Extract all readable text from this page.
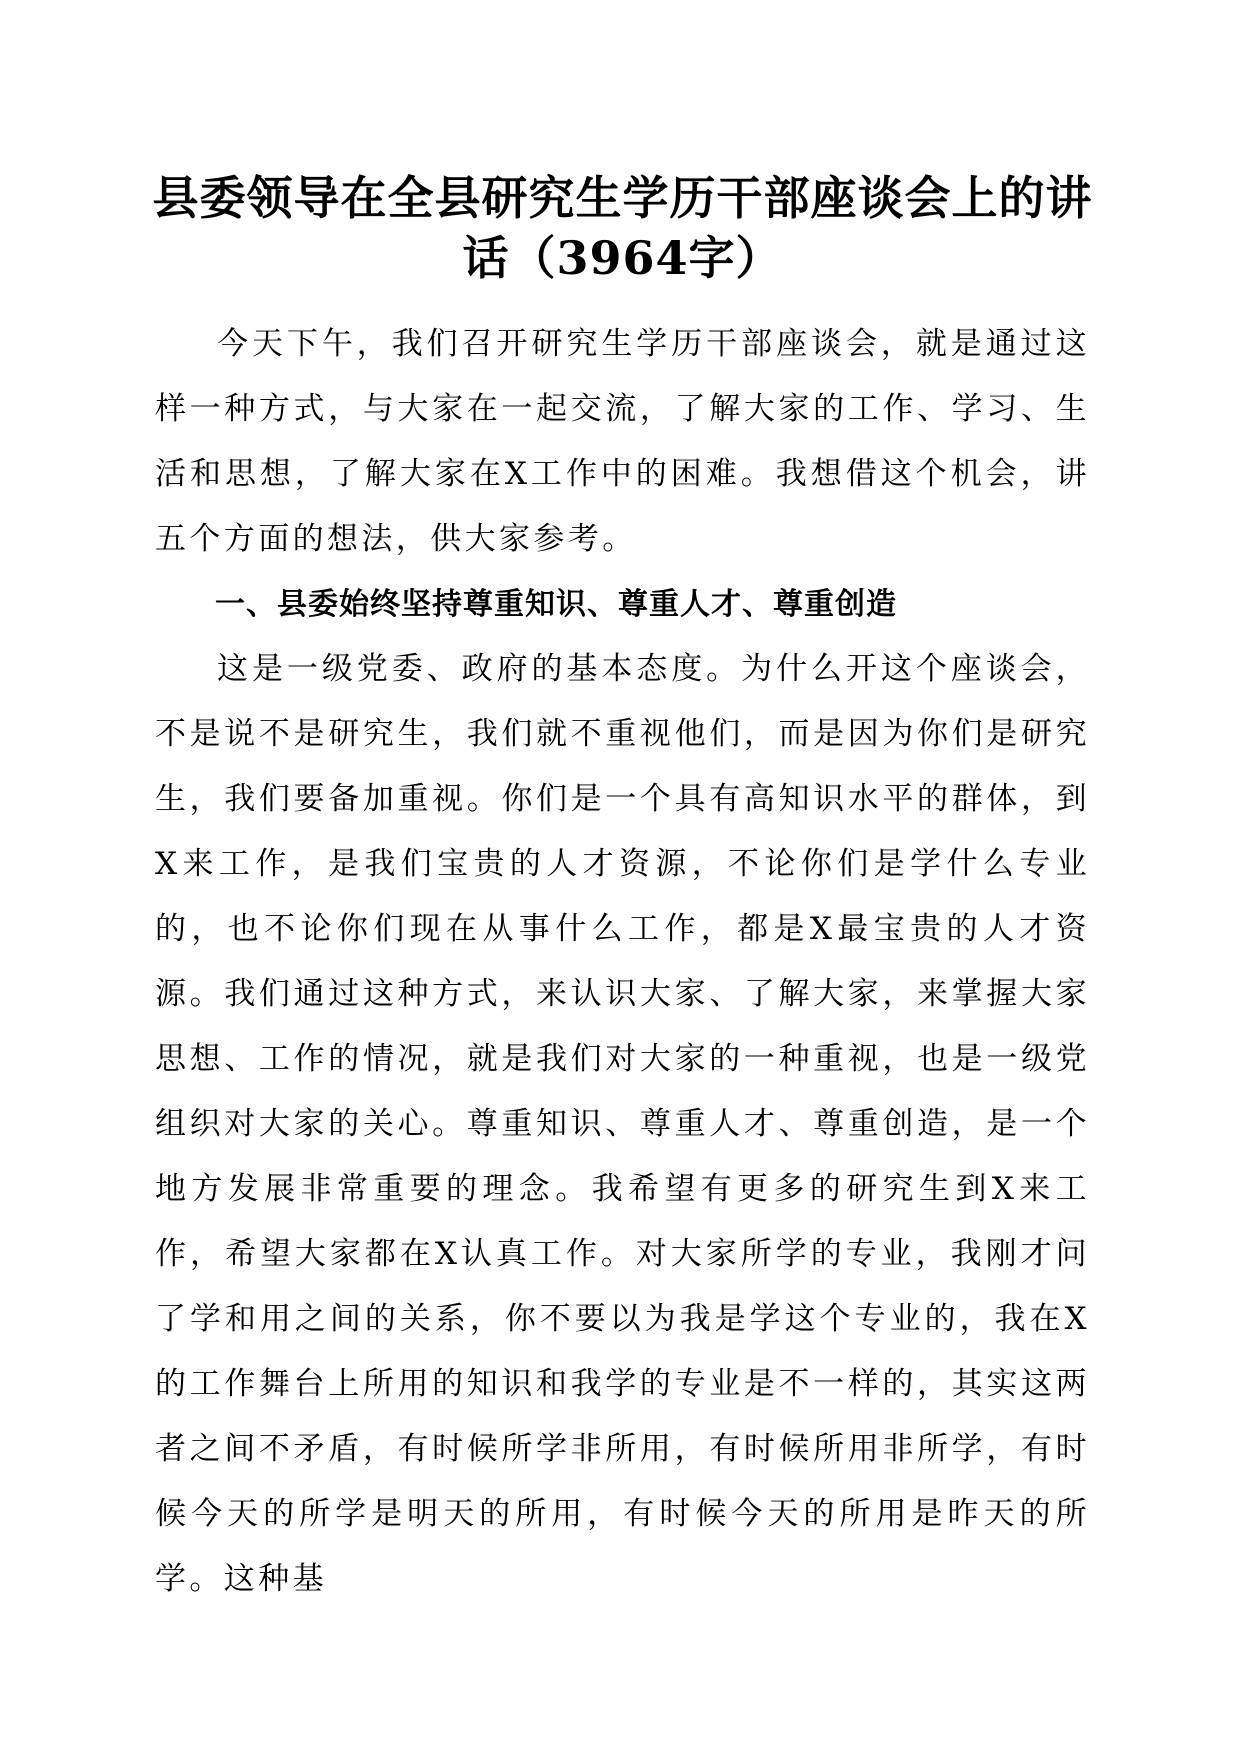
县委领导在全县研究生学历干部座谈会上的讲话（3964字）

今天下午，我们召开研究生学历干部座谈会，就是通过这样一种方式，与大家在一起交流，了解大家的工作、学习、生活和思想，了解大家在X工作中的困难。我想借这个机会，讲五个方面的想法，供大家参考。

一、县委始终坚持尊重知识、尊重人才、尊重创造

这是一级党委、政府的基本态度。为什么开这个座谈会，不是说不是研究生，我们就不重视他们，而是因为你们是研究生，我们要备加重视。你们是一个具有高知识水平的群体，到X来工作，是我们宝贵的人才资源，不论你们是学什么专业的，也不论你们现在从事什么工作，都是X最宝贵的人才资源。我们通过这种方式，来认识大家、了解大家，来掌握大家思想、工作的情况，就是我们对大家的一种重视，也是一级党组织对大家的关心。尊重知识、尊重人才、尊重创造，是一个地方发展非常重要的理念。我希望有更多的研究生到X来工作，希望大家都在X认真工作。对大家所学的专业，我刚才问了学和用之间的关系，你不要以为我是学这个专业的，我在X的工作舞台上所用的知识和我学的专业是不一样的，其实这两者之间不矛盾，有时候所学非所用，有时候所用非所学，有时候今天的所学是明天的所用，有时候今天的所用是昨天的所学。这种基
